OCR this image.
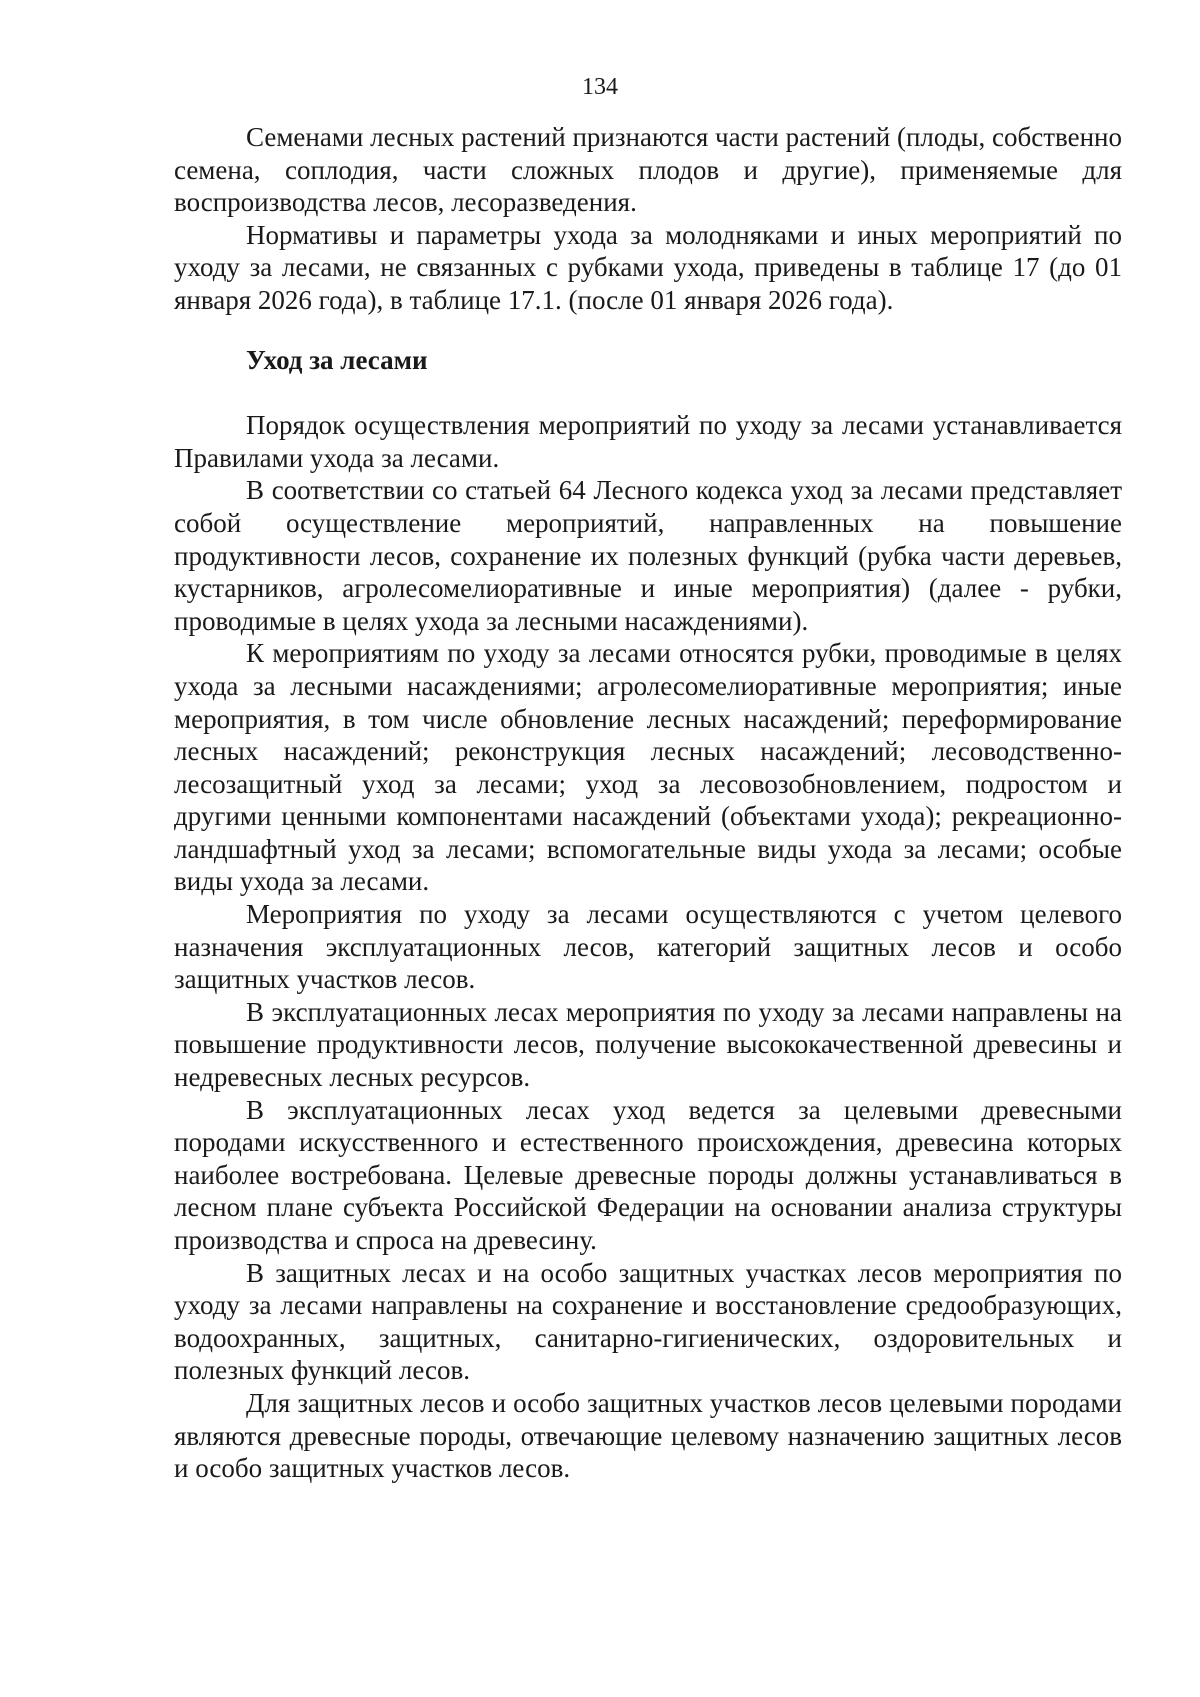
134

Семенами лесных растений признаются части растений (плоды, собственно семена, соплодия, части сложных плодов и другие), применяемые для воспроизводства лесов, лесоразведения.

Нормативы и параметры ухода за молодняками и иных мероприятий по уходу за лесами, не связанных с рубками ухода, приведены в таблице 17 (до 01 января 2026 года), в таблице 17.1. (после 01 января 2026 года).

Уход за лесами

Порядок осуществления мероприятий по уходу за лесами устанавливается Правилами ухода за лесами.

В соответствии со статьей 64 Лесного кодекса уход за лесами представляет собой осуществление мероприятий, направленных на повышение продуктивности лесов, сохранение их полезных функций (рубка части деревьев, кустарников, агролесомелиоративные и иные мероприятия) (далее - рубки, проводимые в целях ухода за лесными насаждениями).

К мероприятиям по уходу за лесами относятся рубки, проводимые в целях ухода за лесными насаждениями; агролесомелиоративные мероприятия; иные мероприятия, в том числе обновление лесных насаждений; переформирование лесных насаждений; реконструкция лесных насаждений; лесоводственно-лесозащитный уход за лесами; уход за лесовозобновлением, подростом и другими ценными компонентами насаждений (объектами ухода); рекреационно-ландшафтный уход за лесами; вспомогательные виды ухода за лесами; особые виды ухода за лесами.

Мероприятия по уходу за лесами осуществляются с учетом целевого назначения эксплуатационных лесов, категорий защитных лесов и особо защитных участков лесов.

В эксплуатационных лесах мероприятия по уходу за лесами направлены на повышение продуктивности лесов, получение высококачественной древесины и недревесных лесных ресурсов.

В эксплуатационных лесах уход ведется за целевыми древесными породами искусственного и естественного происхождения, древесина которых наиболее востребована. Целевые древесные породы должны устанавливаться в лесном плане субъекта Российской Федерации на основании анализа структуры производства и спроса на древесину.

В защитных лесах и на особо защитных участках лесов мероприятия по уходу за лесами направлены на сохранение и восстановление средообразующих, водоохранных, защитных, санитарно-гигиенических, оздоровительных и полезных функций лесов.

Для защитных лесов и особо защитных участков лесов целевыми породами являются древесные породы, отвечающие целевому назначению защитных лесов и особо защитных участков лесов.
